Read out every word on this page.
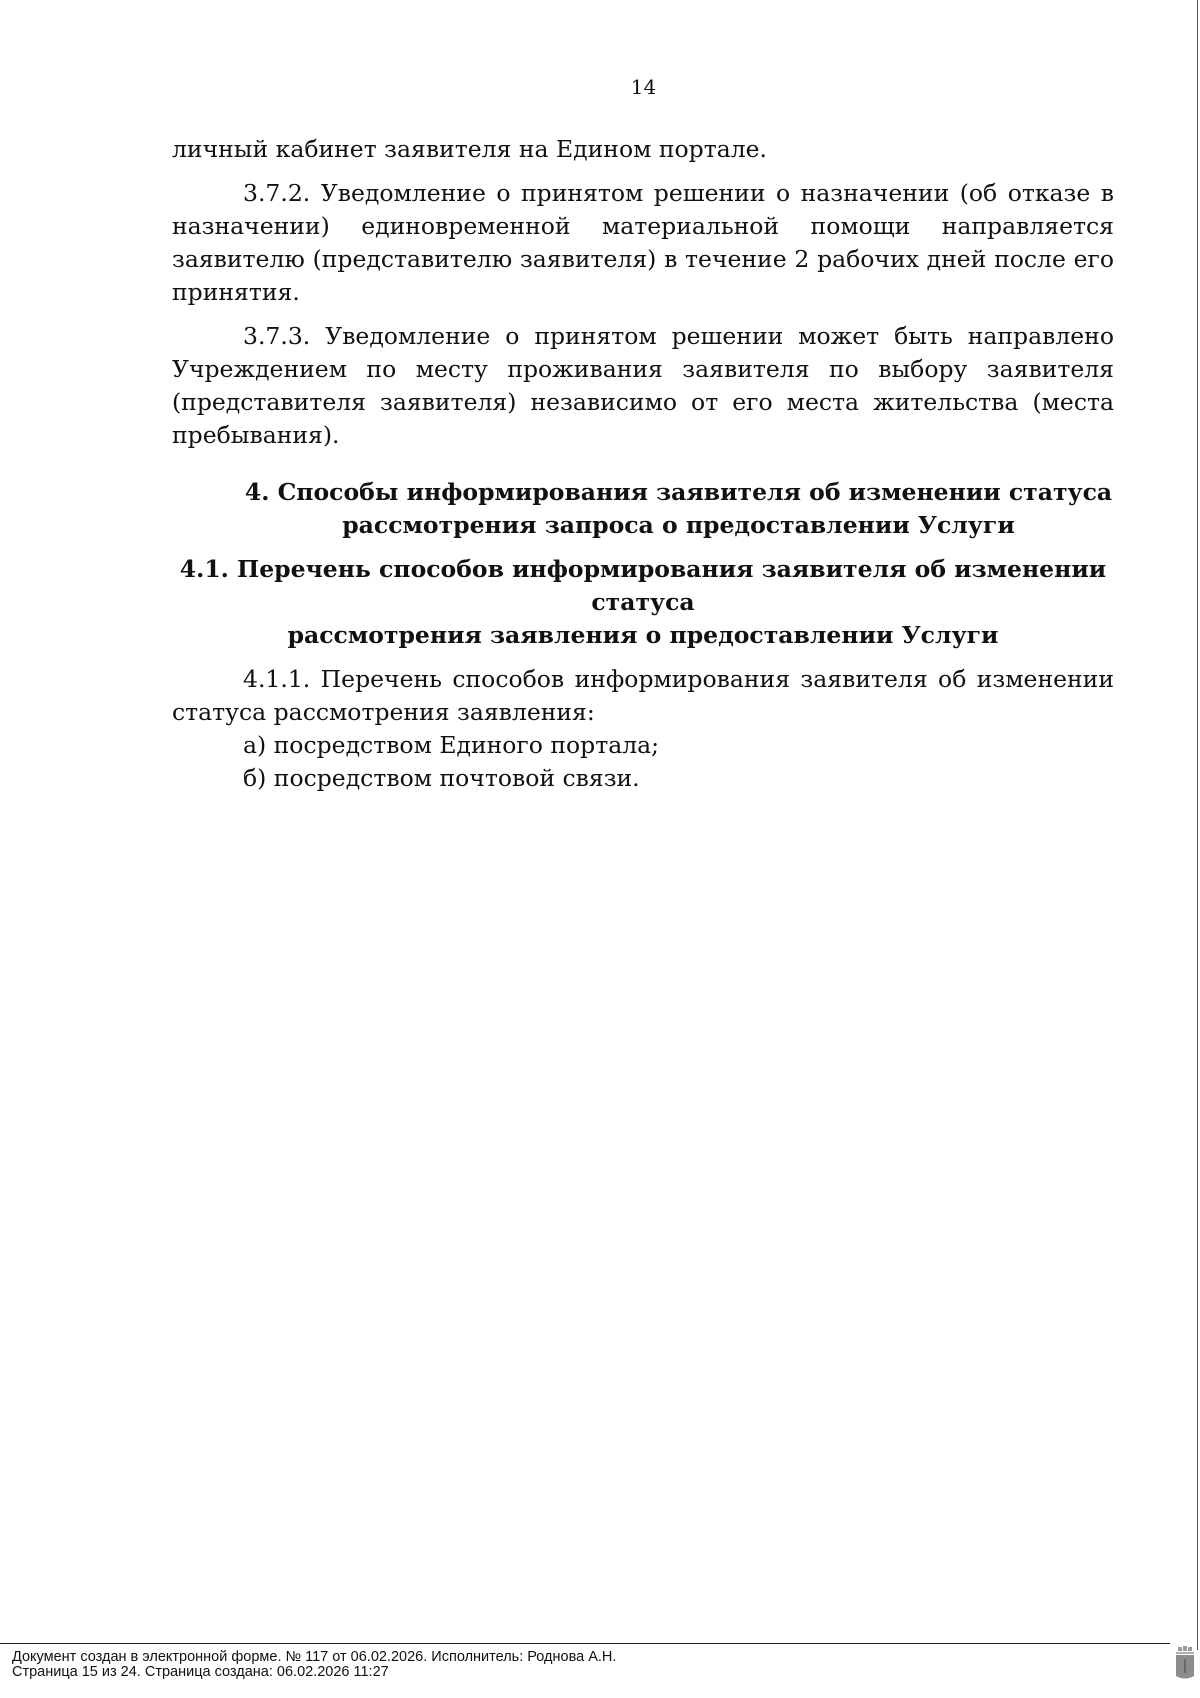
14

личный кабинет заявителя на Едином портале.

3.7.2. Уведомление о принятом решении о назначении (об отказе в назначении) единовременной материальной помощи направляется заявителю (представителю заявителя) в течение 2 рабочих дней после его принятия.

3.7.3. Уведомление о принятом решении может быть направлено Учреждением по месту проживания заявителя по выбору заявителя (представителя заявителя) независимо от его места жительства (места пребывания).

4. Способы информирования заявителя об изменении статуса
рассмотрения запроса о предоставлении Услуги
4.1. Перечень способов информирования заявителя об изменении статуса
рассмотрения заявления о предоставлении Услуги

4.1.1. Перечень способов информирования заявителя об изменении статуса рассмотрения заявления:

а) посредством Единого портала;

б) посредством почтовой связи.

Документ создан в электронной форме. № 117 от 06.02.2026. Исполнитель: Роднова А.Н.
Страница 15 из 24. Страница создана: 06.02.2026 11:27
